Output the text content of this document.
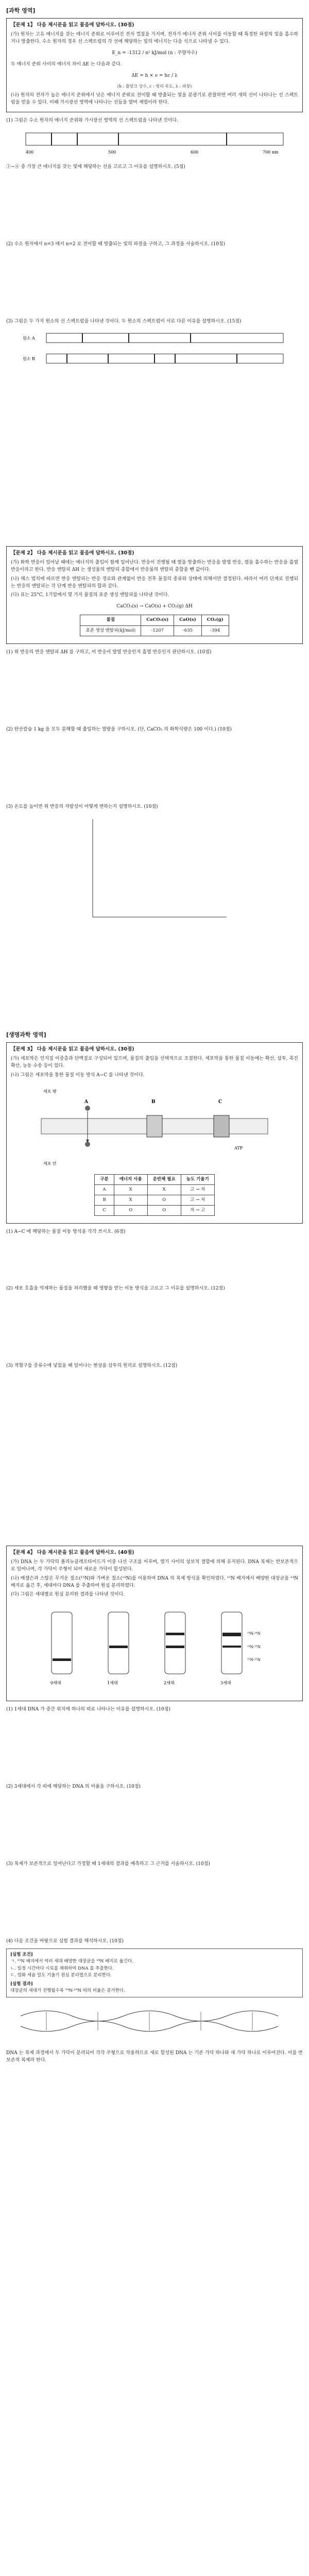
[과학 영역]
【문제 1】 다음 제시문을 읽고 물음에 답하시오. (30점)

(가) 원자는 고유 에너지를 갖는 에너지 준위로 이루어진 전자 껍질을 가지며, 전자가 에너지 준위 사이를 이동할 때 특정한 파장의 빛을 흡수하거나 방출한다. 수소 원자의 경우 선 스펙트럼의 각 선에 해당하는 빛의 에너지는 다음 식으로 나타낼 수 있다.

E_n = -1312 / n² kJ/mol (n : 주양자수)

두 에너지 준위 사이의 에너지 차이 ΔE 는 다음과 같다.

ΔE = h × ν = hc / λ

(h : 플랑크 상수, c : 빛의 속도, λ : 파장)

(나) 원자의 전자가 높은 에너지 준위에서 낮은 에너지 준위로 전이할 때 방출되는 빛을 분광기로 관찰하면 여러 개의 선이 나타나는 선 스펙트럼을 얻을 수 있다. 이때 가시광선 영역에 나타나는 선들을 발머 계열이라 한다.

(1) 그림은 수소 원자의 에너지 준위와 가시광선 영역의 선 스펙트럼을 나타낸 것이다.

400	500	600	700 nm

①~④ 중 가장 큰 에너지를 갖는 빛에 해당하는 선을 고르고 그 이유를 설명하시오. (5점)

(2) 수소 원자에서 n=3 에서 n=2 로 전이할 때 방출되는 빛의 파장을 구하고, 그 과정을 서술하시오. (10점)

(3) 그림은 두 가지 원소의 선 스펙트럼을 나타낸 것이다. 두 원소의 스펙트럼이 서로 다른 이유를 설명하시오. (15점)

원소 A
원소 B
【문제 2】 다음 제시문을 읽고 물음에 답하시오. (30점)

(가) 화학 반응이 일어날 때에는 에너지의 출입이 함께 일어난다. 반응이 진행될 때 열을 방출하는 반응을 발열 반응, 열을 흡수하는 반응을 흡열 반응이라고 한다. 반응 엔탈피 ΔH 는 생성물의 엔탈피 총합에서 반응물의 엔탈피 총합을 뺀 값이다.

(나) 헤스 법칙에 따르면 반응 엔탈피는 반응 경로와 관계없이 반응 전후 물질의 종류와 상태에 의해서만 결정된다. 따라서 여러 단계로 진행되는 반응의 엔탈피는 각 단계 반응 엔탈피의 합과 같다.

(다) 표는 25°C, 1기압에서 몇 가지 물질의 표준 생성 엔탈피를 나타낸 것이다.

CaCO₃(s) → CaO(s) + CO₂(g) ΔH
물질	CaCO₃(s)	CaO(s)	CO₂(g)
표준 생성 엔탈피(kJ/mol)	-1207	-635	-394

(1) 위 반응의 반응 엔탈피 ΔH 를 구하고, 이 반응이 발열 반응인지 흡열 반응인지 판단하시오. (10점)

(2) 탄산칼슘 1 kg 을 모두 분해할 때 출입하는 열량을 구하시오. (단, CaCO₃ 의 화학식량은 100 이다.) (10점)

(3) 온도를 높이면 위 반응의 자발성이 어떻게 변하는지 설명하시오. (10점)

[생명과학 영역]
【문제 3】 다음 제시문을 읽고 물음에 답하시오. (30점)

(가) 세포막은 인지질 이중층과 단백질로 구성되어 있으며, 물질의 출입을 선택적으로 조절한다. 세포막을 통한 물질 이동에는 확산, 삼투, 촉진 확산, 능동 수송 등이 있다.

(나) 그림은 세포막을 통한 물질 이동 방식 A~C 를 나타낸 것이다.

세포 밖
세포 안
A	B	C
ATP
구분	에너지 사용	운반체 필요	농도 기울기
A	X	X	고 → 저
B	X	O	고 → 저
C	O	O	저 → 고

(1) A~C 에 해당하는 물질 이동 방식을 각각 쓰시오. (6점)

(2) 세포 호흡을 억제하는 물질을 처리했을 때 영향을 받는 이동 방식을 고르고 그 이유를 설명하시오. (12점)

(3) 적혈구를 증류수에 넣었을 때 일어나는 현상을 삼투의 원리로 설명하시오. (12점)

【문제 4】 다음 제시문을 읽고 물음에 답하시오. (40점)

(가) DNA 는 두 가닥의 폴리뉴클레오타이드가 이중 나선 구조를 이루며, 염기 사이의 상보적 결합에 의해 유지된다. DNA 복제는 반보존적으로 일어나며, 각 가닥이 주형이 되어 새로운 가닥이 합성된다.

(나) 메셀슨과 스탈은 무거운 질소(¹⁵N)와 가벼운 질소(¹⁴N)를 이용하여 DNA 의 복제 방식을 확인하였다. ¹⁵N 배지에서 배양한 대장균을 ¹⁴N 배지로 옮긴 후, 세대마다 DNA 를 추출하여 원심 분리하였다.

(다) 그림은 세대별로 원심 분리한 결과를 나타낸 것이다.

0세대	1세대	2세대	3세대
¹⁴N-¹⁴N
¹⁴N-¹⁵N
¹⁵N-¹⁵N

(1) 1세대 DNA 가 중간 위치에 하나의 띠로 나타나는 이유를 설명하시오. (10점)

(2) 3세대에서 각 띠에 해당하는 DNA 의 비율을 구하시오. (10점)

(3) 복제가 보존적으로 일어난다고 가정할 때 1세대의 결과를 예측하고 그 근거를 서술하시오. (10점)

(4) 다음 조건을 바탕으로 실험 결과를 해석하시오. (10점)

[실험 조건]
ㄱ. ¹⁵N 배지에서 여러 세대 배양한 대장균을 ¹⁴N 배지로 옮긴다.
ㄴ. 일정 시간마다 시료를 채취하여 DNA 를 추출한다.
ㄷ. 염화 세슘 밀도 기울기 원심 분리법으로 분리한다.
[실험 결과]
대장균의 세대가 진행될수록 ¹⁴N-¹⁴N 띠의 비율은 증가한다.

DNA 는 복제 과정에서 두 가닥이 분리되어 각각 주형으로 작용하므로 새로 합성된 DNA 는 기존 가닥 하나와 새 가닥 하나로 이루어진다. 이를 반보존적 복제라 한다.
